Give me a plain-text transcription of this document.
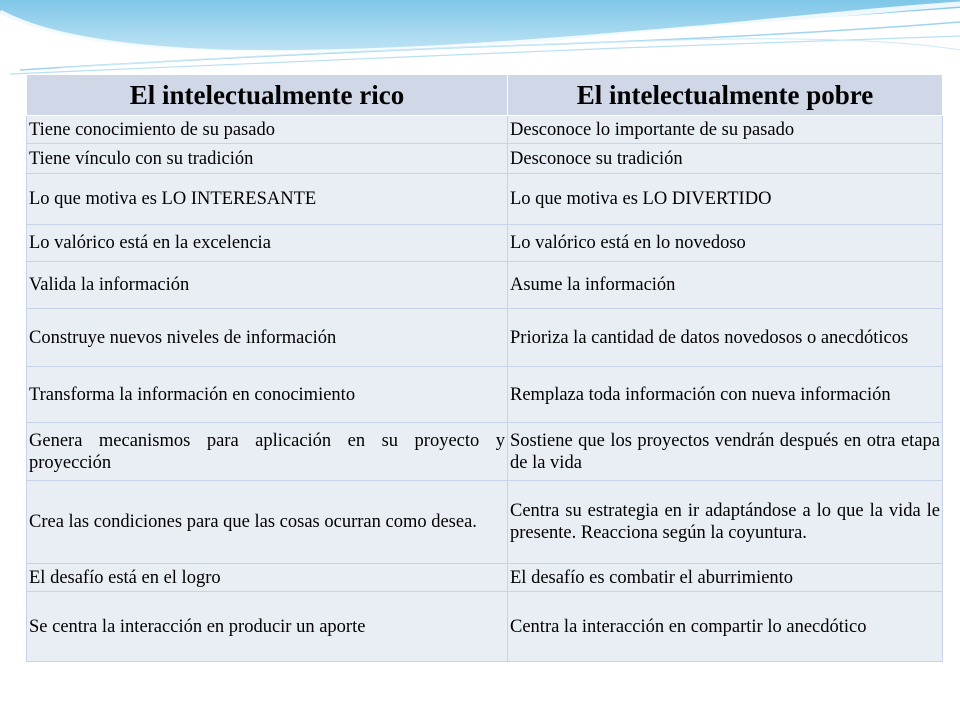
El intelectualmente rico	El intelectualmente pobre
Tiene conocimiento de su pasado	Desconoce lo importante de su pasado
Tiene vínculo con su tradición	Desconoce su tradición
Lo que motiva es LO INTERESANTE	Lo que motiva es LO DIVERTIDO
Lo valórico está en la excelencia	Lo valórico está en lo novedoso
Valida la información	Asume la información
Construye nuevos niveles de información	Prioriza la cantidad de datos novedosos o anecdóticos
Transforma la información en conocimiento	Remplaza toda información con nueva información
Genera mecanismos para aplicación en su proyecto y proyección	Sostiene que los proyectos vendrán después en otra etapa de la vida
Crea las condiciones para que las cosas ocurran como desea.	Centra su estrategia en ir adaptándose a lo que la vida le presente. Reacciona según la coyuntura.
El desafío está en el logro	El desafío es combatir el aburrimiento
Se centra la interacción en producir un aporte	Centra la interacción en compartir lo anecdótico
